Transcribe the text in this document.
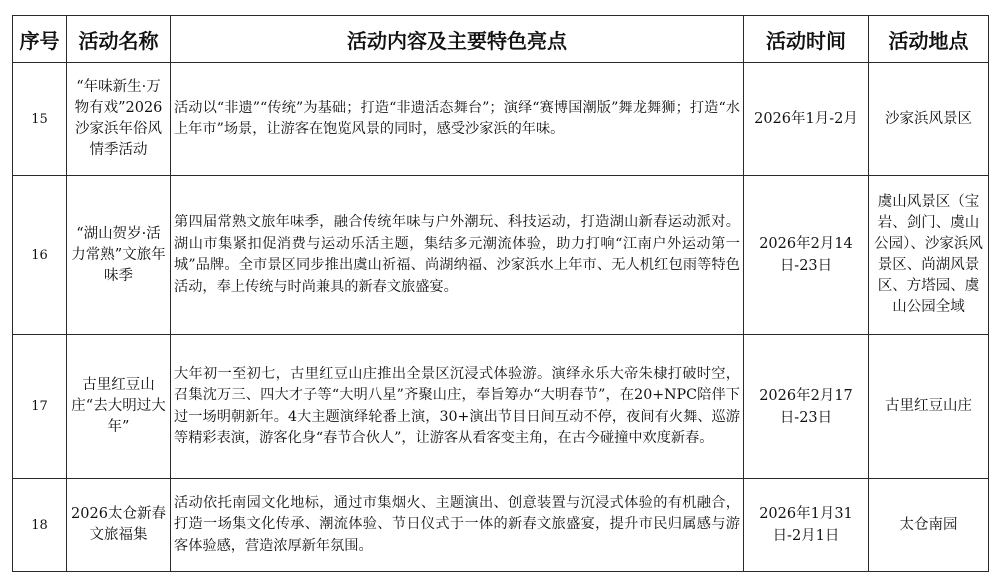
序号	活动名称	活动内容及主要特色亮点	活动时间	活动地点
15	“年味新生·万物有戏”2026沙家浜年俗风情季活动	活动以“非遗”“传统”为基础；打造“非遗活态舞台”；演绎“赛博国潮版”舞龙舞狮；打造“水上年市”场景，让游客在饱览风景的同时，感受沙家浜的年味。	2026年1月-2月	沙家浜风景区
16	“湖山贺岁·活力常熟”文旅年味季	第四届常熟文旅年味季，融合传统年味与户外潮玩、科技运动，打造湖山新春运动派对。湖山市集紧扣促消费与运动乐活主题，集结多元潮流体验，助力打响“江南户外运动第一城”品牌。全市景区同步推出虞山祈福、尚湖纳福、沙家浜水上年市、无人机红包雨等特色活动，奉上传统与时尚兼具的新春文旅盛宴。	2026年2月14日-23日	虞山风景区（宝岩、剑门、虞山公园）、沙家浜风景区、尚湖风景区、方塔园、虞山公园全域
17	古里红豆山庄“去大明过大年”	大年初一至初七，古里红豆山庄推出全景区沉浸式体验游。演绎永乐大帝朱棣打破时空，召集沈万三、四大才子等“大明八星”齐聚山庄，奉旨筹办“大明春节”，在20+NPC陪伴下过一场明朝新年。4大主题演绎轮番上演，30+演出节目日间互动不停，夜间有火舞、巡游等精彩表演，游客化身“春节合伙人”，让游客从看客变主角，在古今碰撞中欢度新春。	2026年2月17日-23日	古里红豆山庄
18	2026太仓新春文旅福集	活动依托南园文化地标，通过市集烟火、主题演出、创意装置与沉浸式体验的有机融合，打造一场集文化传承、潮流体验、节日仪式于一体的新春文旅盛宴，提升市民归属感与游客体验感，营造浓厚新年氛围。	2026年1月31日-2月1日	太仓南园
